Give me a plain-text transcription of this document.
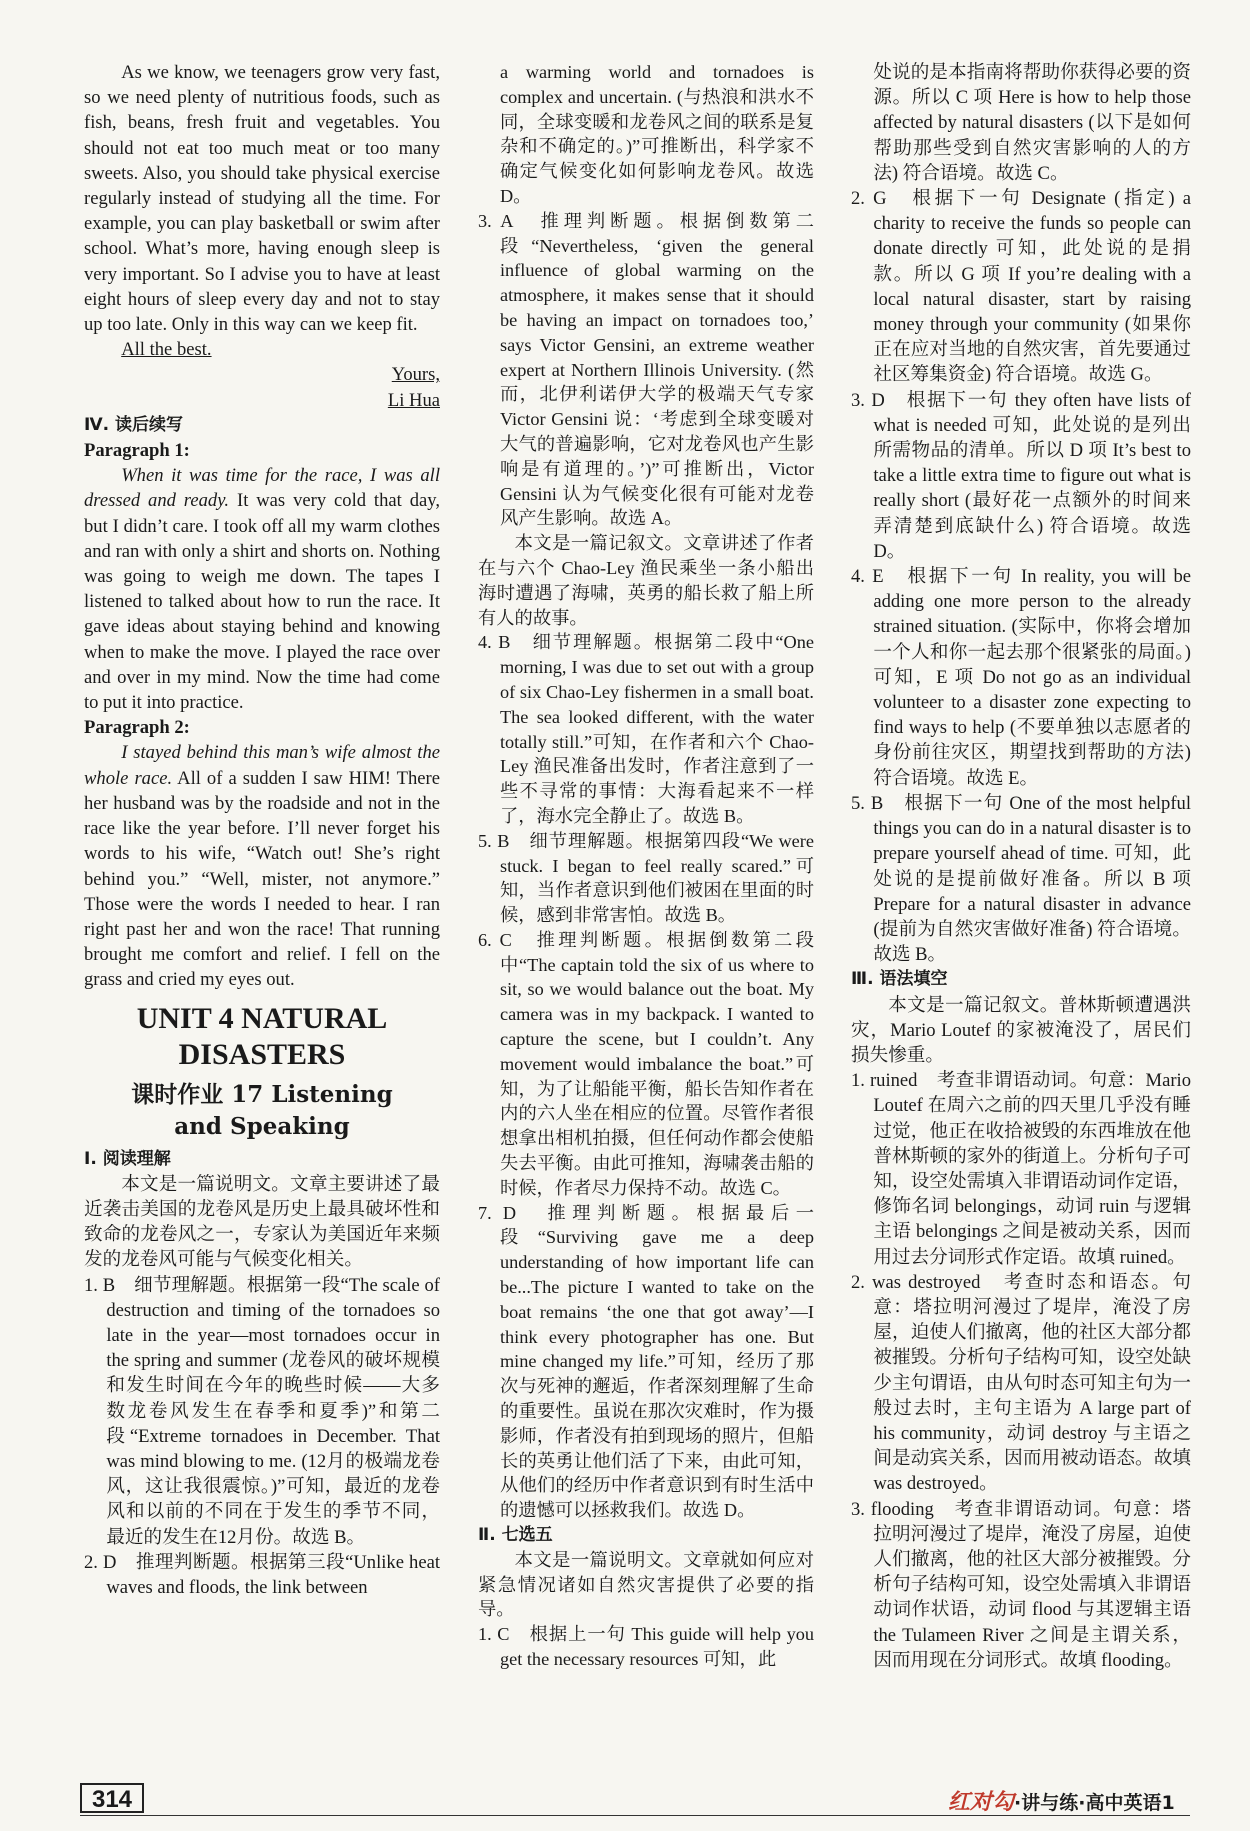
As we know, we teenagers grow very fast, so we need plenty of nutritious foods, such as fish, beans, fresh fruit and vegetables. You should not eat too much meat or too many sweets. Also, you should take physical exercise regularly instead of studying all the time. For example, you can play basketball or swim after school. What’s more, having enough sleep is very important. So I advise you to have at least eight hours of sleep every day and not to stay up too late. Only in this way can we keep fit.

All the best.

Yours,

Li Hua

Ⅳ. 读后续写

Paragraph 1:

When it was time for the race, I was all dressed and ready. It was very cold that day, but I didn’t care. I took off all my warm clothes and ran with only a shirt and shorts on. Nothing was going to weigh me down. The tapes I listened to talked about how to run the race. It gave ideas about staying behind and knowing when to make the move. I played the race over and over in my mind. Now the time had come to put it into practice.

Paragraph 2:

I stayed behind this man’s wife almost the whole race. All of a sudden I saw HIM! There her husband was by the roadside and not in the race like the year before. I’ll never forget his words to his wife, “Watch out! She’s right behind you.” “Well, mister, not anymore.” Those were the words I needed to hear. I ran right past her and won the race! That running brought me comfort and relief. I fell on the grass and cried my eyes out.

UNIT 4 NATURAL
DISASTERS
课时作业 17 Listening
and Speaking

Ⅰ. 阅读理解

本文是一篇说明文。文章主要讲述了最近袭击美国的龙卷风是历史上最具破坏性和致命的龙卷风之一，专家认为美国近年来频发的龙卷风可能与气候变化相关。

1. B　细节理解题。根据第一段“The scale of destruction and timing of the tornadoes so late in the year—most tornadoes occur in the spring and summer (龙卷风的破坏规模和发生时间在今年的晚些时候——大多数龙卷风发生在春季和夏季)”和第二段“Extreme tornadoes in December. That was mind blowing to me. (12月的极端龙卷风，这让我很震惊。)”可知，最近的龙卷风和以前的不同在于发生的季节不同，最近的发生在12月份。故选 B。

2. D　推理判断题。根据第三段“Unlike heat waves and floods, the link between

a warming world and tornadoes is complex and uncertain. (与热浪和洪水不同，全球变暖和龙卷风之间的联系是复杂和不确定的。)”可推断出，科学家不确定气候变化如何影响龙卷风。故选 D。

3. A　推理判断题。根据倒数第二段“Nevertheless, ‘given the general influence of global warming on the atmosphere, it makes sense that it should be having an impact on tornadoes too,’ says Victor Gensini, an extreme weather expert at Northern Illinois University. (然而，北伊利诺伊大学的极端天气专家 Victor Gensini 说：‘考虑到全球变暖对大气的普遍影响，它对龙卷风也产生影响是有道理的。’)”可推断出，Victor Gensini 认为气候变化很有可能对龙卷风产生影响。故选 A。

本文是一篇记叙文。文章讲述了作者在与六个 Chao-Ley 渔民乘坐一条小船出海时遭遇了海啸，英勇的船长救了船上所有人的故事。

4. B　细节理解题。根据第二段中“One morning, I was due to set out with a group of six Chao-Ley fishermen in a small boat. The sea looked different, with the water totally still.”可知，在作者和六个 Chao-Ley 渔民准备出发时，作者注意到了一些不寻常的事情：大海看起来不一样了，海水完全静止了。故选 B。

5. B　细节理解题。根据第四段“We were stuck. I began to feel really scared.”可知，当作者意识到他们被困在里面的时候，感到非常害怕。故选 B。

6. C　推理判断题。根据倒数第二段中“The captain told the six of us where to sit, so we would balance out the boat. My camera was in my backpack. I wanted to capture the scene, but I couldn’t. Any movement would imbalance the boat.”可知，为了让船能平衡，船长告知作者在内的六人坐在相应的位置。尽管作者很想拿出相机拍摄，但任何动作都会使船失去平衡。由此可推知，海啸袭击船的时候，作者尽力保持不动。故选 C。

7. D　推理判断题。根据最后一段“Surviving gave me a deep understanding of how important life can be...The picture I wanted to take on the boat remains ‘the one that got away’—I think every photographer has one. But mine changed my life.”可知，经历了那次与死神的邂逅，作者深刻理解了生命的重要性。虽说在那次灾难时，作为摄影师，作者没有拍到现场的照片，但船长的英勇让他们活了下来，由此可知，从他们的经历中作者意识到有时生活中的遗憾可以拯救我们。故选 D。

Ⅱ. 七选五

本文是一篇说明文。文章就如何应对紧急情况诸如自然灾害提供了必要的指导。

1. C　根据上一句 This guide will help you get the necessary resources 可知，此

处说的是本指南将帮助你获得必要的资源。所以 C 项 Here is how to help those affected by natural disasters (以下是如何帮助那些受到自然灾害影响的人的方法) 符合语境。故选 C。

2. G　根据下一句 Designate (指定) a charity to receive the funds so people can donate directly 可知，此处说的是捐款。所以 G 项 If you’re dealing with a local natural disaster, start by raising money through your community (如果你正在应对当地的自然灾害，首先要通过社区筹集资金) 符合语境。故选 G。

3. D　根据下一句 they often have lists of what is needed 可知，此处说的是列出所需物品的清单。所以 D 项 It’s best to take a little extra time to figure out what is really short (最好花一点额外的时间来弄清楚到底缺什么) 符合语境。故选 D。

4. E　根据下一句 In reality, you will be adding one more person to the already strained situation. (实际中，你将会增加一个人和你一起去那个很紧张的局面。) 可知，E 项 Do not go as an individual volunteer to a disaster zone expecting to find ways to help (不要单独以志愿者的身份前往灾区，期望找到帮助的方法) 符合语境。故选 E。

5. B　根据下一句 One of the most helpful things you can do in a natural disaster is to prepare yourself ahead of time. 可知，此处说的是提前做好准备。所以 B 项 Prepare for a natural disaster in advance (提前为自然灾害做好准备) 符合语境。故选 B。

Ⅲ. 语法填空

本文是一篇记叙文。普林斯顿遭遇洪灾，Mario Loutef 的家被淹没了，居民们损失惨重。

1. ruined　考查非谓语动词。句意：Mario Loutef 在周六之前的四天里几乎没有睡过觉，他正在收拾被毁的东西堆放在他普林斯顿的家外的街道上。分析句子可知，设空处需填入非谓语动词作定语，修饰名词 belongings，动词 ruin 与逻辑主语 belongings 之间是被动关系，因而用过去分词形式作定语。故填 ruined。

2. was destroyed　考查时态和语态。句意：塔拉明河漫过了堤岸，淹没了房屋，迫使人们撤离，他的社区大部分都被摧毁。分析句子结构可知，设空处缺少主句谓语，由从句时态可知主句为一般过去时，主句主语为 A large part of his community，动词 destroy 与主语之间是动宾关系，因而用被动语态。故填 was destroyed。

3. flooding　考查非谓语动词。句意：塔拉明河漫过了堤岸，淹没了房屋，迫使人们撤离，他的社区大部分被摧毁。分析句子结构可知，设空处需填入非谓语动词作状语，动词 flood 与其逻辑主语 the Tulameen River 之间是主谓关系，因而用现在分词形式。故填 flooding。

314	红对勾·讲与练·高中英语1
